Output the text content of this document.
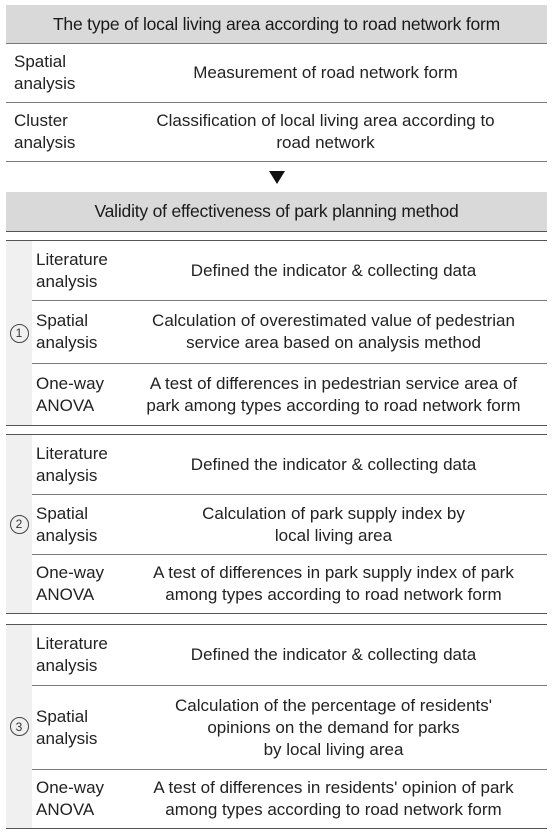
The type of local living area according to road network form
Spatial
analysis
Measurement of road network form
Cluster
analysis
Classification of local living area according to
road network
Validity of effectiveness of park planning method
1
Literature
analysis
Defined the indicator & collecting data
Spatial
analysis
Calculation of overestimated value of pedestrian
service area based on analysis method
One-way
ANOVA
A test of differences in pedestrian service area of
park among types according to road network form
2
Literature
analysis
Defined the indicator & collecting data
Spatial
analysis
Calculation of park supply index by
local living area
One-way
ANOVA
A test of differences in park supply index of park
among types according to road network form
3
Literature
analysis
Defined the indicator & collecting data
Spatial
analysis
Calculation of the percentage of residents'
opinions on the demand for parks
by local living area
One-way
ANOVA
A test of differences in residents' opinion of park
among types according to road network form
